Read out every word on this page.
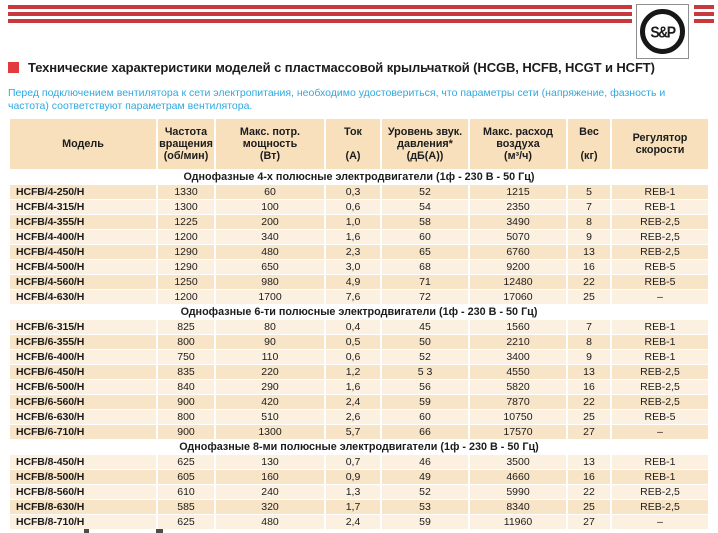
S&P
Технические характеристики моделей с пластмассовой крыльчаткой (HCGB, HCFB, HCGT и HCFT)
Перед подключением вентилятора к сети электропитания, необходимо удостовериться, что параметры сети (напряжение, фазность и частота) соответствуют параметрам вентилятора.
Модель	Частота
вращения
(об/мин)	Макс. потр.
мощность
(Вт)	Ток

(А)	Уровень звук.
давления*
(дБ(А))	Макс. расход
воздуха
(м³/ч)	Вес

(кг)	Регулятор
скорости
Однофазные 4-х полюсные электродвигатели (1ф - 230 В - 50 Гц)							
HCFB/4-250/H	1330	60	0,3	52	1215	5	REB-1
HCFB/4-315/H	1300	100	0,6	54	2350	7	REB-1
HCFB/4-355/H	1225	200	1,0	58	3490	8	REB-2,5
HCFB/4-400/H	1200	340	1,6	60	5070	9	REB-2,5
HCFB/4-450/H	1290	480	2,3	65	6760	13	REB-2,5
HCFB/4-500/H	1290	650	3,0	68	9200	16	REB-5
HCFB/4-560/H	1250	980	4,9	71	12480	22	REB-5
HCFB/4-630/H	1200	1700	7,6	72	17060	25	–
Однофазные 6-ти полюсные электродвигатели (1ф - 230 В - 50 Гц)							
HCFB/6-315/H	825	80	0,4	45	1560	7	REB-1
HCFB/6-355/H	800	90	0,5	50	2210	8	REB-1
HCFB/6-400/H	750	110	0,6	52	3400	9	REB-1
HCFB/6-450/H	835	220	1,2	5 3	4550	13	REB-2,5
HCFB/6-500/H	840	290	1,6	56	5820	16	REB-2,5
HCFB/6-560/H	900	420	2,4	59	7870	22	REB-2,5
HCFB/6-630/H	800	510	2,6	60	10750	25	REB-5
HCFB/6-710/H	900	1300	5,7	66	17570	27	–
Однофазные 8-ми полюсные электродвигатели (1ф - 230 В - 50 Гц)							
HCFB/8-450/H	625	130	0,7	46	3500	13	REB-1
HCFB/8-500/H	605	160	0,9	49	4660	16	REB-1
HCFB/8-560/H	610	240	1,3	52	5990	22	REB-2,5
HCFB/8-630/H	585	320	1,7	53	8340	25	REB-2,5
HCFB/8-710/H	625	480	2,4	59	11960	27	–
